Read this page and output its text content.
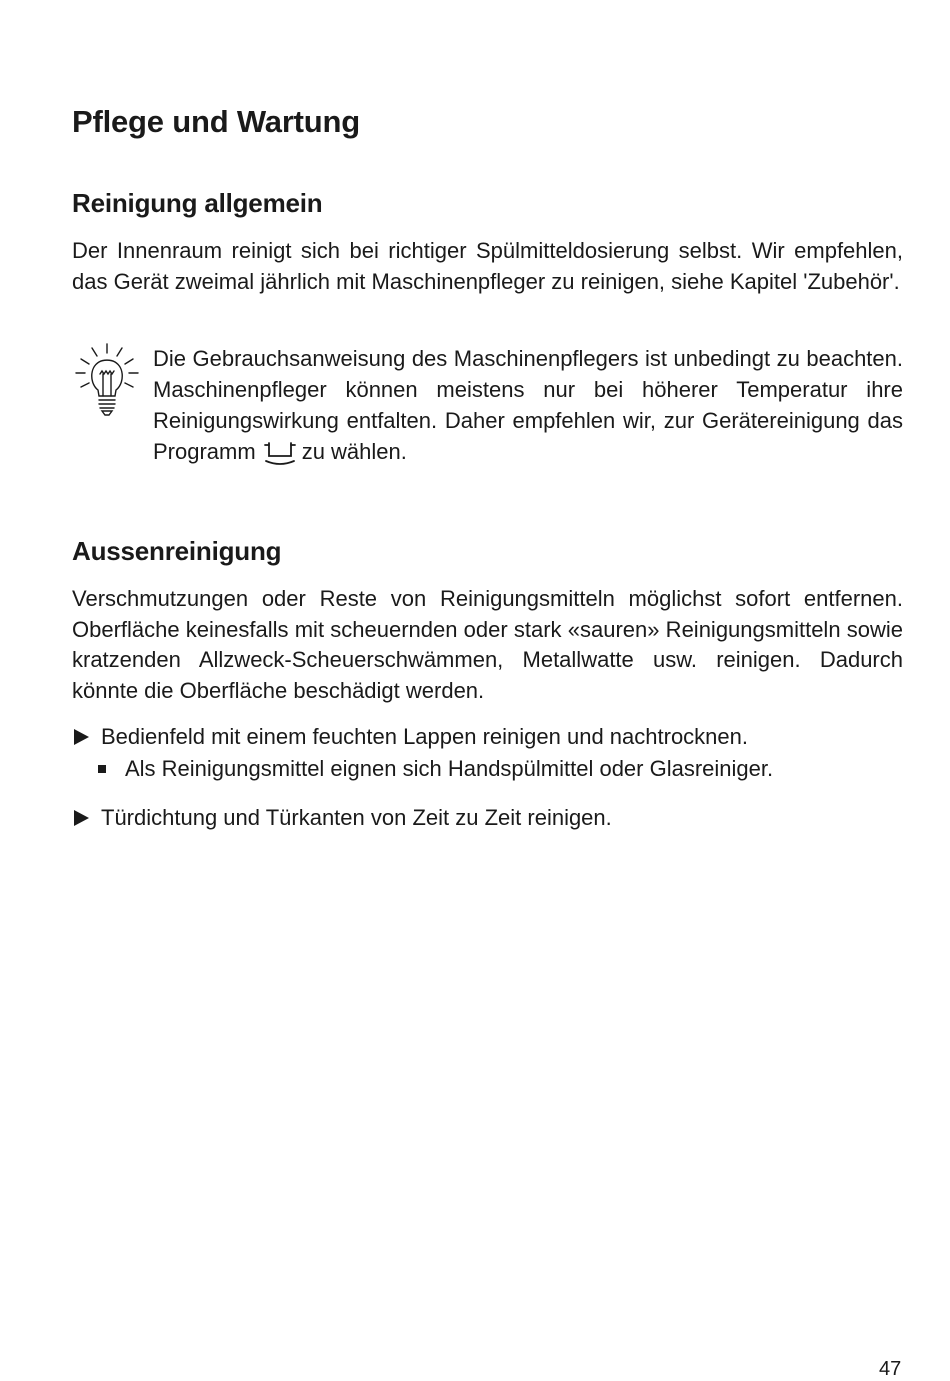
Pflege und Wartung
Reinigung allgemein

Der Innenraum reinigt sich bei richtiger Spülmitteldosierung selbst. Wir empfehlen, das Gerät zweimal jährlich mit Maschinenpfleger zu reinigen, siehe Kapitel 'Zubehör'.

Die Gebrauchsanweisung des Maschinenpflegers ist unbedingt zu beachten. Maschinenpfleger können meistens nur bei höherer Temperatur ihre Reinigungswirkung entfalten. Daher empfehlen wir, zur Gerätereinigung das Programm zu wählen.

Aussenreinigung

Verschmutzungen oder Reste von Reinigungsmitteln möglichst sofort entfernen. Oberfläche keinesfalls mit scheuernden oder stark «sauren» Reinigungsmitteln sowie kratzenden Allzweck-Scheuerschwämmen, Metallwatte usw. reinigen. Dadurch könnte die Oberfläche beschädigt werden.

Bedienfeld mit einem feuchten Lappen reinigen und nachtrocknen.
Als Reinigungsmittel eignen sich Handspülmittel oder Glasreiniger.
Türdichtung und Türkanten von Zeit zu Zeit reinigen.
47
